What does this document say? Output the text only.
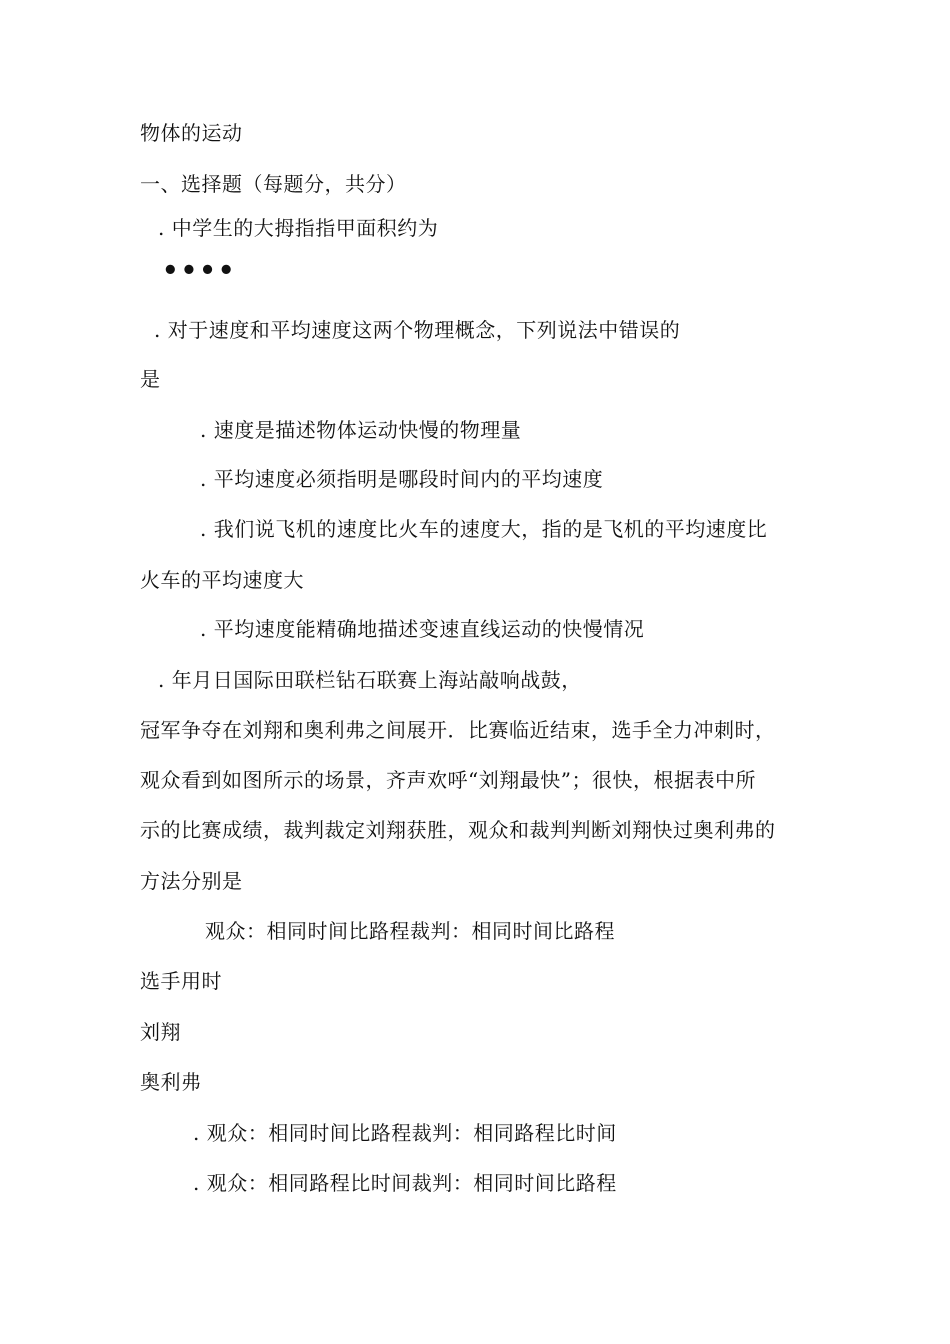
物体的运动
一、选择题（每题分，共分）
. 中学生的大拇指指甲面积约为
••••
. 对于速度和平均速度这两个物理概念，下列说法中错误的
是
. 速度是描述物体运动快慢的物理量
. 平均速度必须指明是哪段时间内的平均速度
. 我们说飞机的速度比火车的速度大，指的是飞机的平均速度比
火车的平均速度大
. 平均速度能精确地描述变速直线运动的快慢情况
. 年月日国际田联栏钻石联赛上海站敲响战鼓，
冠军争夺在刘翔和奥利弗之间展开．比赛临近结束，选手全力冲刺时，
观众看到如图所示的场景，齐声欢呼“刘翔最快”；很快，根据表中所
示的比赛成绩，裁判裁定刘翔获胜，观众和裁判判断刘翔快过奥利弗的
方法分别是
观众：相同时间比路程裁判：相同时间比路程
选手用时
刘翔
奥利弗
. 观众：相同时间比路程裁判：相同路程比时间
. 观众：相同路程比时间裁判：相同时间比路程
